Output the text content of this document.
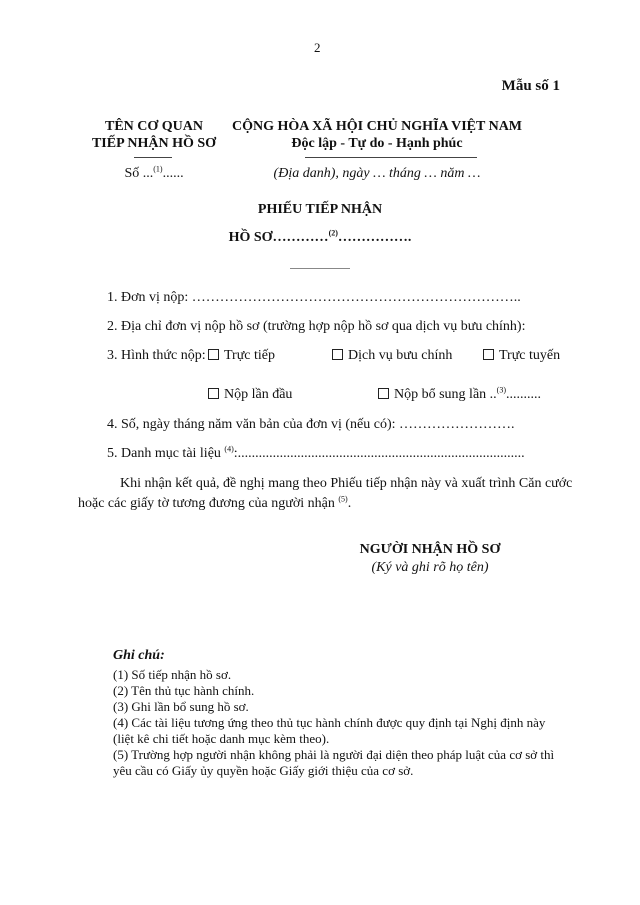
2
Mẫu số 1
TÊN CƠ QUAN
TIẾP NHẬN HỒ SƠ
Số ...$^{(1)}$......
CỘNG HÒA XÃ HỘI CHỦ NGHĨA VIỆT NAM
Độc lập - Tự do - Hạnh phúc
(Địa danh), ngày … tháng … năm …
PHIẾU TIẾP NHẬN
HỒ SƠ…………$^{(2)}$…………….
1. Đơn vị nộp: ……………………………………………………………..
2. Địa chỉ đơn vị nộp hồ sơ (trường hợp nộp hồ sơ qua dịch vụ bưu chính):
3. Hình thức nộp:	Trực tiếp	Dịch vụ bưu chính	Trực tuyến
Nộp lần đầu	Nộp bổ sung lần ..$^{(3)}$..........
4. Số, ngày tháng năm văn bản của đơn vị (nếu có): …………………….
5. Danh mục tài liệu $^{(4)}$:..................................................................................
Khi nhận kết quả, đề nghị mang theo Phiếu tiếp nhận này và xuất trình Căn cước
hoặc các giấy tờ tương đương của người nhận $^{(5)}$.
NGƯỜI NHẬN HỒ SƠ
(Ký và ghi rõ họ tên)
Ghi chú:
(1) Số tiếp nhận hồ sơ.
(2) Tên thủ tục hành chính.
(3) Ghi lần bổ sung hồ sơ.
(4) Các tài liệu tương ứng theo thủ tục hành chính được quy định tại Nghị định này
(liệt kê chi tiết hoặc danh mục kèm theo).
(5) Trường hợp người nhận không phải là người đại diện theo pháp luật của cơ sở thì
yêu cầu có Giấy ủy quyền hoặc Giấy giới thiệu của cơ sở.
